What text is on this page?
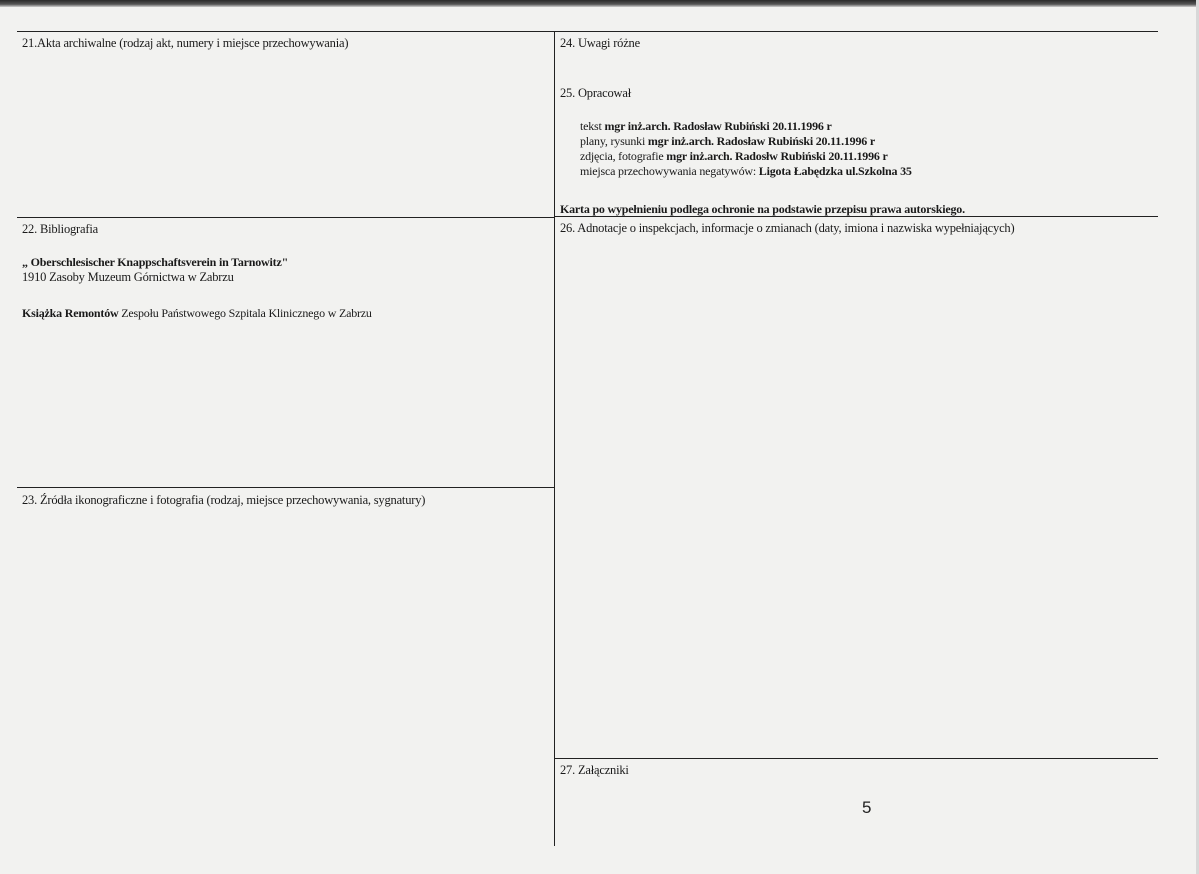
21.Akta archiwalne (rodzaj akt, numery i miejsce przechowywania)
22. Bibliografia
„ Oberschlesischer Knappschaftsverein in Tarnowitz"
1910 Zasoby Muzeum Górnictwa w Zabrzu
Książka Remontów Zespołu Państwowego Szpitala Klinicznego w Zabrzu
23. Źródła ikonograficzne i fotografia (rodzaj, miejsce przechowywania, sygnatury)
24. Uwagi różne
25. Opracował
tekst mgr inż.arch. Radosław Rubiński 20.11.1996 r
plany, rysunki mgr inż.arch. Radosław Rubiński 20.11.1996 r
zdjęcia, fotografie mgr inż.arch. Radosłw Rubiński 20.11.1996 r
miejsca przechowywania negatywów: Ligota Łabędzka ul.Szkolna 35
Karta po wypełnieniu podlega ochronie na podstawie przepisu prawa autorskiego.
26. Adnotacje o inspekcjach, informacje o zmianach (daty, imiona i nazwiska wypełniających)
27. Załączniki
5
